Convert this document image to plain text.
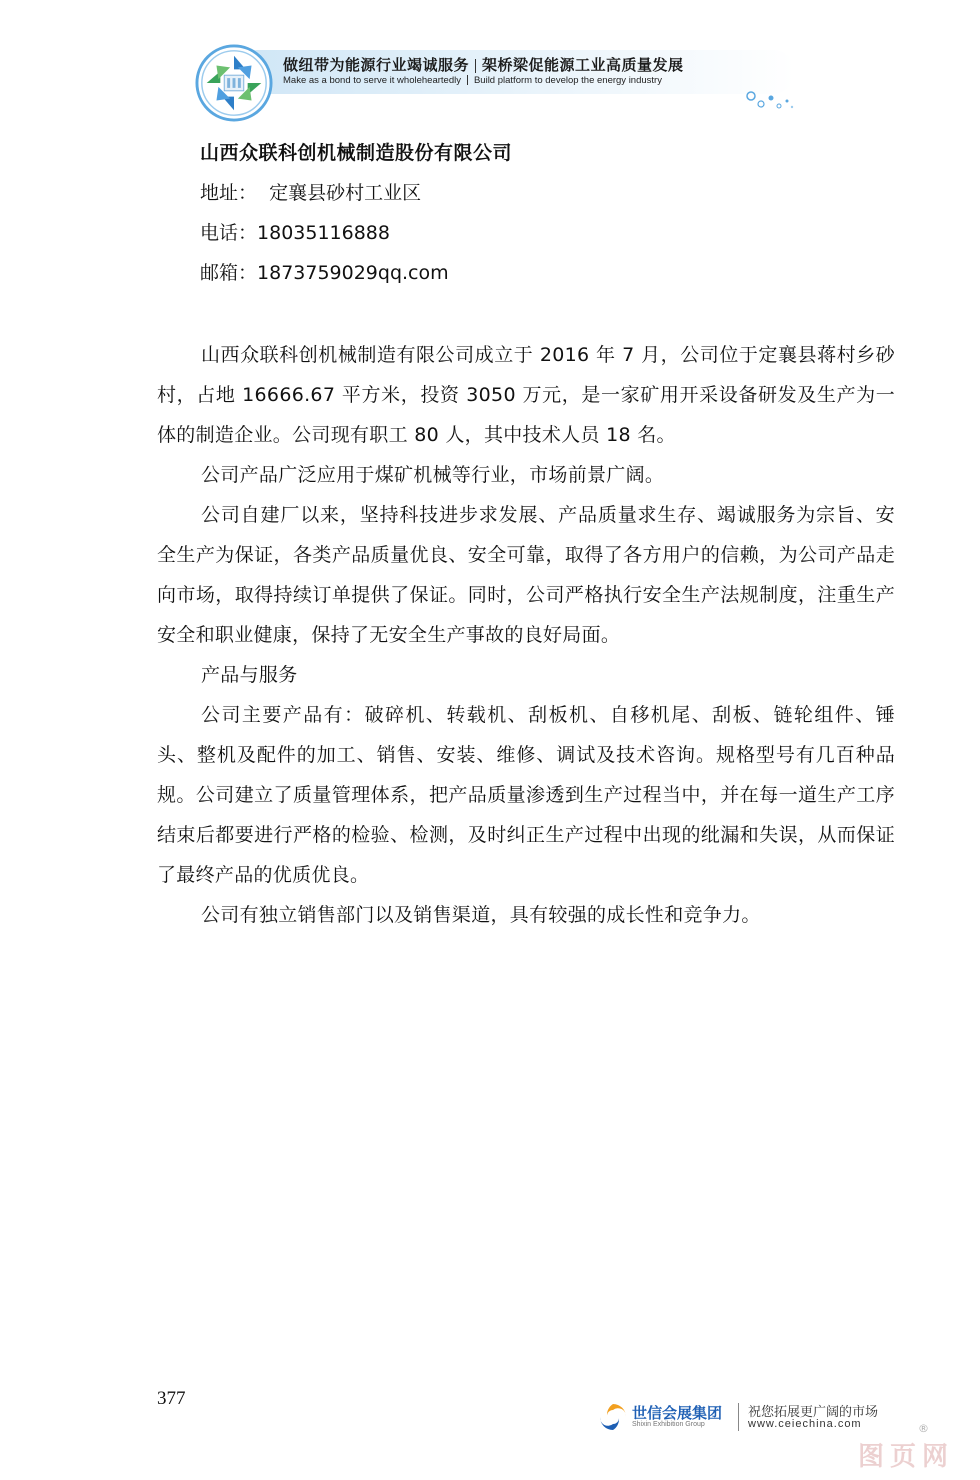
做纽带为能源行业竭诚服务 架桥梁促能源工业高质量发展
Make as a bond to serve it wholeheartedly Build platform to develop the energy industry
山西众联科创机械制造股份有限公司
地址： 定襄县砂村工业区
电话：18035116888
邮箱：1873759029qq.com

山西众联科创机械制造有限公司成立于 2016 年 7 月，公司位于定襄县蒋村乡砂村，占地 16666.67 平方米，投资 3050 万元，是一家矿用开采设备研发及生产为一体的制造企业。公司现有职工 80 人，其中技术人员 18 名。

公司产品广泛应用于煤矿机械等行业，市场前景广阔。

公司自建厂以来，坚持科技进步求发展、产品质量求生存、竭诚服务为宗旨、安全生产为保证，各类产品质量优良、安全可靠，取得了各方用户的信赖，为公司产品走向市场，取得持续订单提供了保证。同时，公司严格执行安全生产法规制度，注重生产安全和职业健康，保持了无安全生产事故的良好局面。

产品与服务

公司主要产品有：破碎机、转载机、刮板机、自移机尾、刮板、链轮组件、锤头、整机及配件的加工、销售、安装、维修、调试及技术咨询。规格型号有几百种品规。公司建立了质量管理体系，把产品质量渗透到生产过程当中，并在每一道生产工序结束后都要进行严格的检验、检测，及时纠正生产过程中出现的纰漏和失误，从而保证了最终产品的优质优良。

公司有独立销售部门以及销售渠道，具有较强的成长性和竞争力。

377
世信会展集团
Shixin Exhibition Group
祝您拓展更广阔的市场
www.ceiechina.com	®
图页网
